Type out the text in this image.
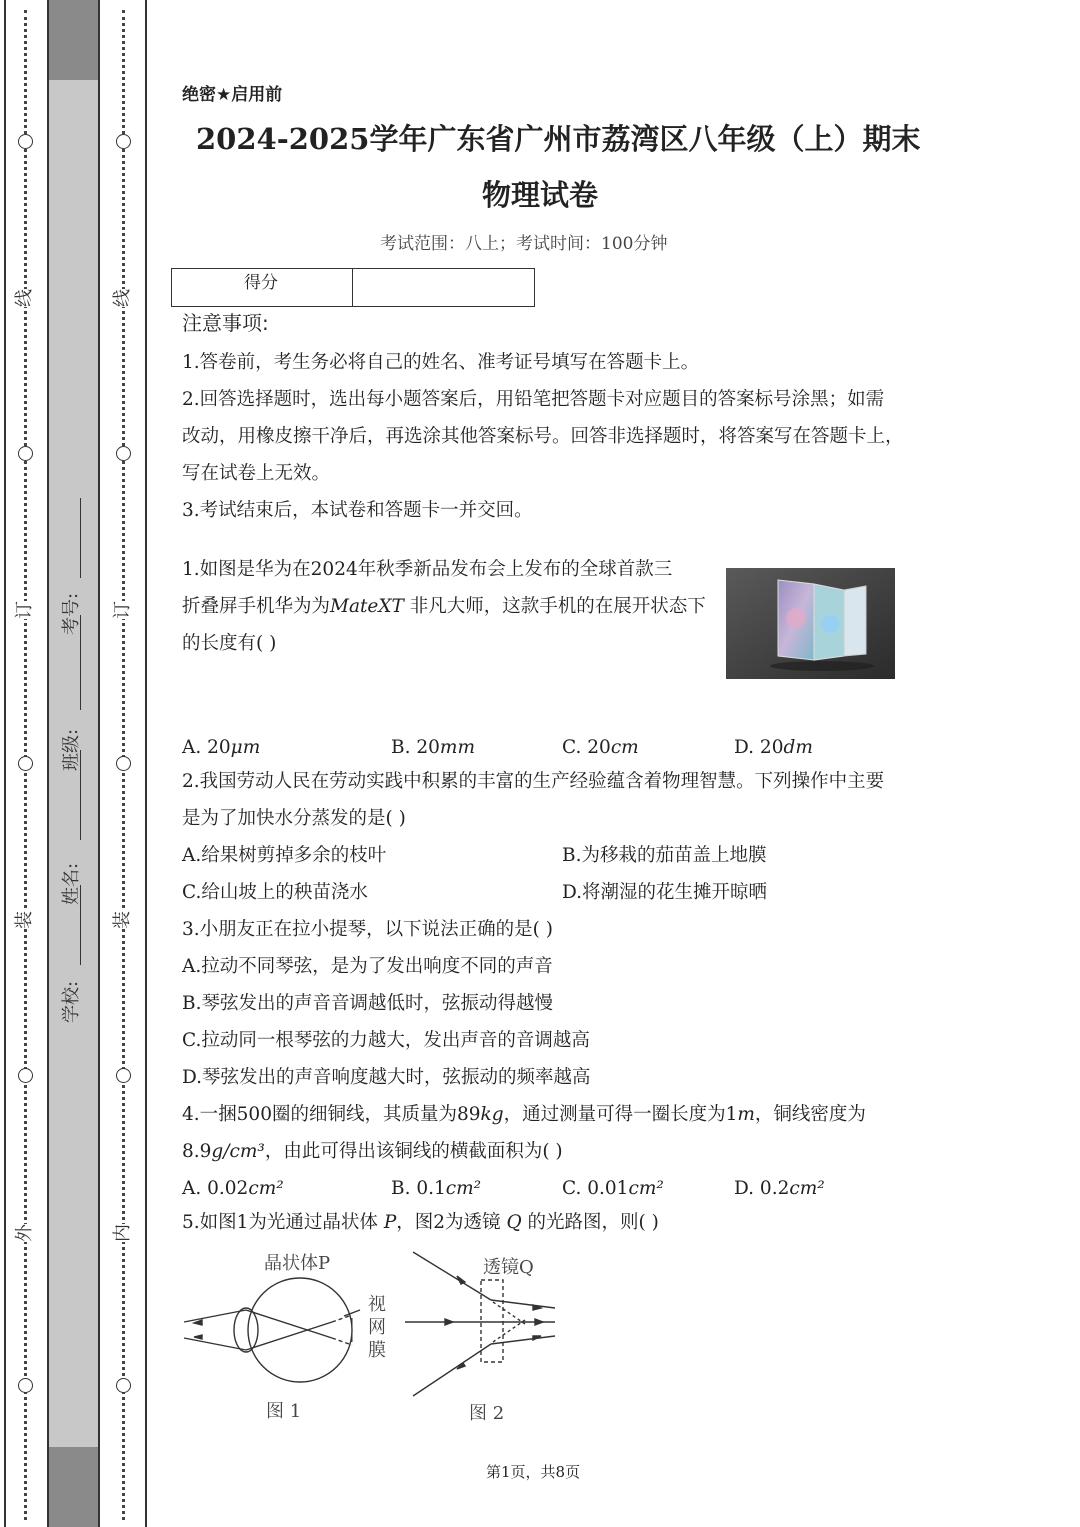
线
订
装
外
线
订
装
内
学校:
姓名:
班级:
考号:
绝密★启用前
2024-2025学年广东省广州市荔湾区八年级（上）期末
物理试卷
考试范围：八上；考试时间：100分钟
得分
注意事项:
1.答卷前，考生务必将自己的姓名、准考证号填写在答题卡上。
2.回答选择题时，选出每小题答案后，用铅笔把答题卡对应题目的答案标号涂黑；如需
改动，用橡皮擦干净后，再选涂其他答案标号。回答非选择题时，将答案写在答题卡上，
写在试卷上无效。
3.考试结束后，本试卷和答题卡一并交回。
1.如图是华为在2024年秋季新品发布会上发布的全球首款三
折叠屏手机华为为MateXT 非凡大师，这款手机的在展开状态下
的长度有( )
A. 20μm	B. 20mm	C. 20cm	D. 20dm
2.我国劳动人民在劳动实践中积累的丰富的生产经验蕴含着物理智慧。下列操作中主要
是为了加快水分蒸发的是( )
A.给果树剪掉多余的枝叶	B.为移栽的茄苗盖上地膜
C.给山坡上的秧苗浇水	D.将潮湿的花生摊开晾晒
3.小朋友正在拉小提琴，以下说法正确的是( )
A.拉动不同琴弦，是为了发出响度不同的声音
B.琴弦发出的声音音调越低时，弦振动得越慢
C.拉动同一根琴弦的力越大，发出声音的音调越高
D.琴弦发出的声音响度越大时，弦振动的频率越高
4.一捆500圈的细铜线，其质量为89kg，通过测量可得一圈长度为1m，铜线密度为
8.9g/cm³，由此可得出该铜线的横截面积为( )
A. 0.02cm²	B. 0.1cm²	C. 0.01cm²	D. 0.2cm²
5.如图1为光通过晶状体 P，图2为透镜 Q 的光路图，则( )
晶状体P
视
网
膜
图 1
透镜Q
图 2
第1页，共8页
